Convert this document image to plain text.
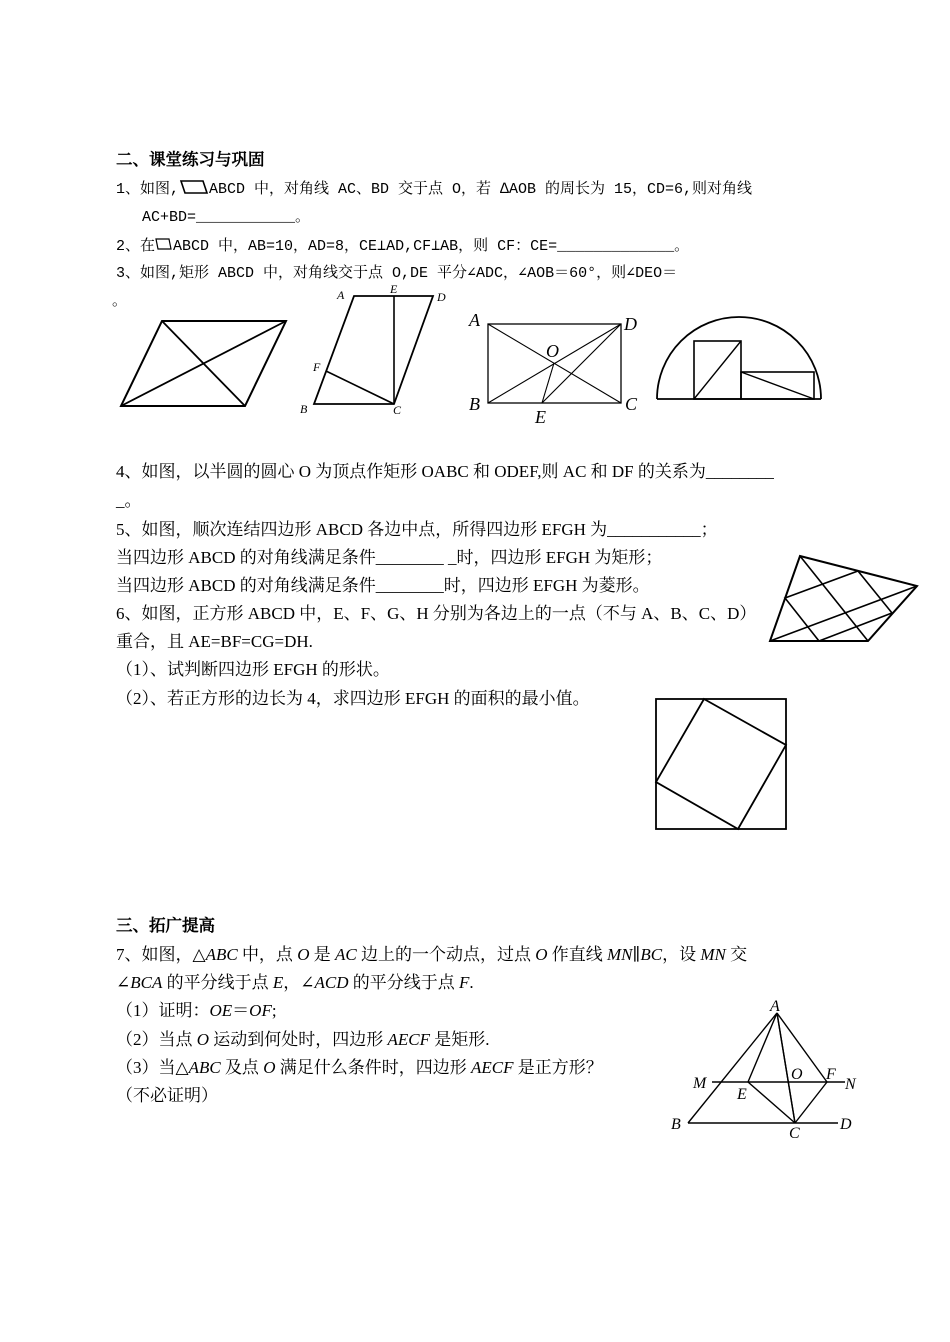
二、课堂练习与巩固
1、如图, ABCD 中，对角线 AC、BD 交于点 O，若 ∆AOB 的周长为 15，CD=6,则对角线
AC+BD=___________。
2、在 ABCD 中，AB=10，AD=8，CE⊥AD,CF⊥AB，则 CF：CE=_____________。
3、如图,矩形 ABCD 中，对角线交于点 O,DE 平分∠ADC，∠AOB＝60°，则∠DEO＝
。	A	E
D
F
B	C
A	D
O
B
E
C
4、如图，以半圆的圆心 O 为顶点作矩形 OABC 和 ODEF,则 AC 和 DF 的关系为________
_。
5、如图，顺次连结四边形 ABCD 各边中点，所得四边形 EFGH 为___________；
当四边形 ABCD 的对角线满足条件________ _时，四边形 EFGH 为矩形；
当四边形 ABCD 的对角线满足条件________时，四边形 EFGH 为菱形。
6、如图，正方形 ABCD 中，E、F、G、H 分别为各边上的一点（不与 A、B、C、D）
重合，且 AE=BF=CG=DH.
（1）、试判断四边形 EFGH 的形状。
（2）、若正方形的边长为 4，求四边形 EFGH 的面积的最小值。
三、拓广提高
7、如图，△ABC 中，点 O 是 AC 边上的一个动点，过点 O 作直线 MN∥BC，设 MN 交
∠BCA 的平分线于点 E，∠ACD 的平分线于点 F.
（1）证明：OE＝OF;
（2）当点 O 运动到何处时，四边形 AECF 是矩形.
（3）当△ABC 及点 O 满足什么条件时，四边形 AECF 是正方形？
（不必证明）
A
M
O F
N
E
B
C
D
